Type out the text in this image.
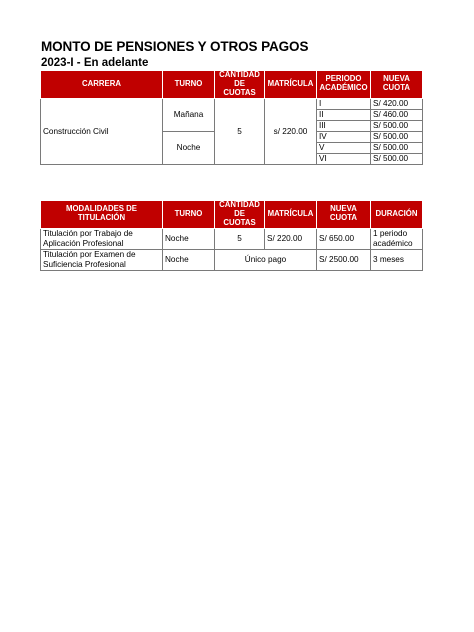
MONTO DE PENSIONES Y OTROS PAGOS
2023-I - En adelante
CARRERA	TURNO	CANTIDAD DE CUOTAS	MATRÍCULA	PERIODO ACADÉMICO	NUEVA CUOTA
Construcción Civil	Mañana	5	s/ 220.00	I	S/ 420.00
				II	S/ 460.00
				III	S/ 500.00
	Noche			IV	S/ 500.00
				V	S/ 500.00
				VI	S/ 500.00
MODALIDADES DE TITULACIÓN	TURNO	CANTIDAD DE CUOTAS	MATRÍCULA	NUEVA CUOTA	DURACIÓN
Titulación por Trabajo de Aplicación Profesional	Noche	5	S/ 220.00	S/ 650.00	1 periodo académico
Titulación por Examen de Suficiencia Profesional	Noche	Único pago		S/ 2500.00	3 meses
